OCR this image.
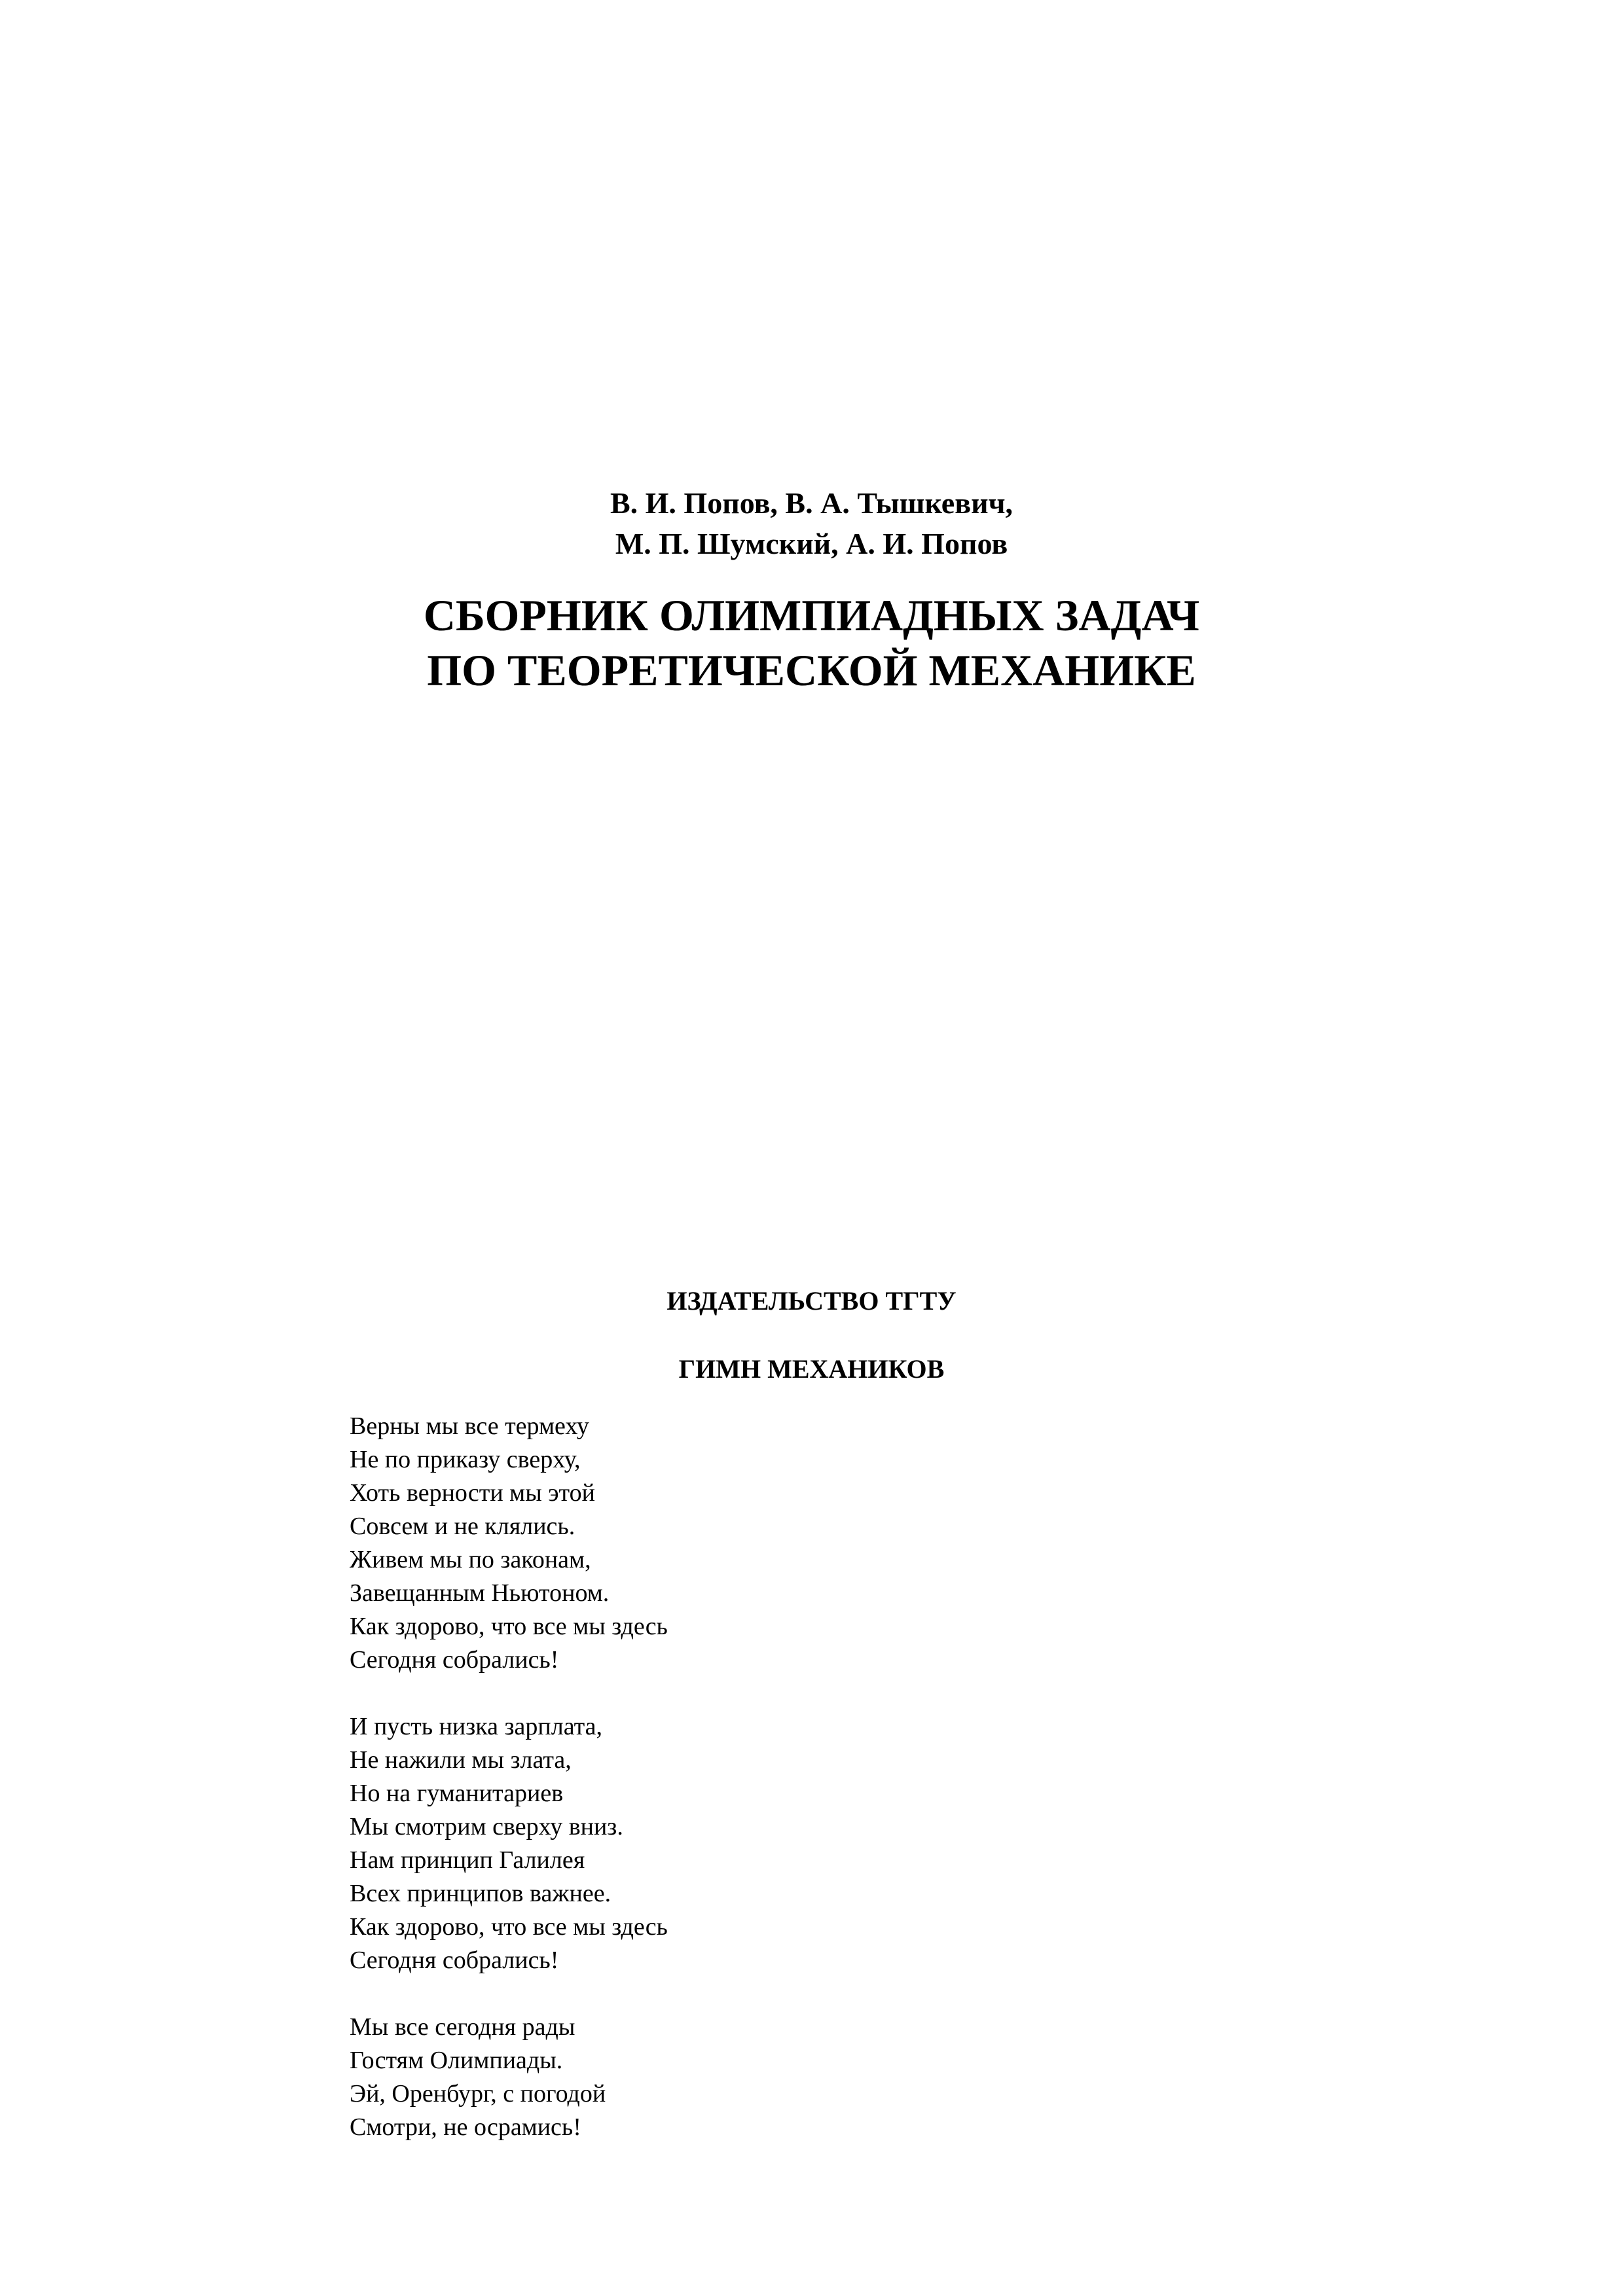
В. И. Попов, В. А. Тышкевич,
М. П. Шумский, А. И. Попов
СБОРНИК ОЛИМПИАДНЫХ ЗАДАЧ
ПО ТЕОРЕТИЧЕСКОЙ МЕХАНИКЕ
ИЗДАТЕЛЬСТВО ТГТУ
ГИМН МЕХАНИКОВ
Верны мы все термеху
Не по приказу сверху,
Хоть верности мы этой
Совсем и не клялись.
Живем мы по законам,
Завещанным Ньютоном.
Как здорово, что все мы здесь
Сегодня собрались!
И пусть низка зарплата,
Не нажили мы злата,
Но на гуманитариев
Мы смотрим сверху вниз.
Нам принцип Галилея
Всех принципов важнее.
Как здорово, что все мы здесь
Сегодня собрались!
Мы все сегодня рады
Гостям Олимпиады.
Эй, Оренбург, с погодой
Смотри, не осрамись!
